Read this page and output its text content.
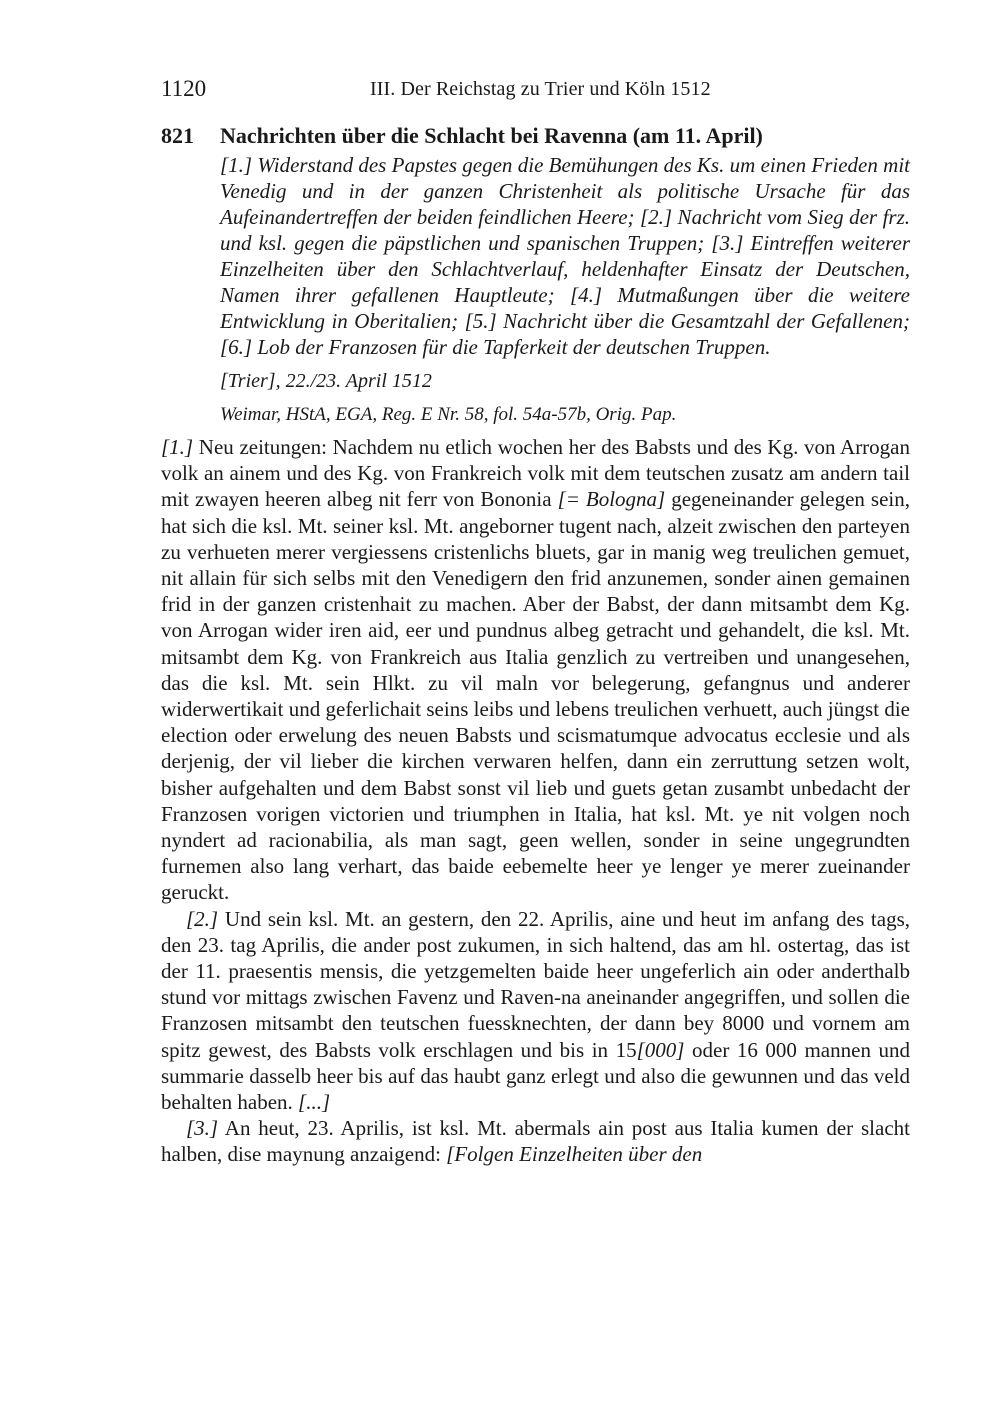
1120	III. Der Reichstag zu Trier und Köln 1512
821	Nachrichten über die Schlacht bei Ravenna (am 11. April)
[1.] Widerstand des Papstes gegen die Bemühungen des Ks. um einen Frieden mit Venedig und in der ganzen Christenheit als politische Ursache für das Aufeinandertreffen der beiden feindlichen Heere; [2.] Nachricht vom Sieg der frz. und ksl. gegen die päpstlichen und spanischen Truppen; [3.] Eintreffen weiterer Einzelheiten über den Schlachtverlauf, heldenhafter Einsatz der Deutschen, Namen ihrer gefallenen Hauptleute; [4.] Mutmaßungen über die weitere Entwicklung in Oberitalien; [5.] Nachricht über die Gesamtzahl der Gefallenen; [6.] Lob der Franzosen für die Tapferkeit der deutschen Truppen.
[Trier], 22./23. April 1512
Weimar, HStA, EGA, Reg. E Nr. 58, fol. 54a-57b, Orig. Pap.

[1.] Neu zeitungen: Nachdem nu etlich wochen her des Babsts und des Kg. von Arrogan volk an ainem und des Kg. von Frankreich volk mit dem teutschen zusatz am andern tail mit zwayen heeren albeg nit ferr von Bononia [= Bologna] gegeneinander gelegen sein, hat sich die ksl. Mt. seiner ksl. Mt. angeborner tugent nach, alzeit zwischen den parteyen zu verhueten merer vergiessens cristenlichs bluets, gar in manig weg treulichen gemuet, nit allain für sich selbs mit den Venedigern den frid anzunemen, sonder ainen gemainen frid in der ganzen cristenhait zu machen. Aber der Babst, der dann mitsambt dem Kg. von Arrogan wider iren aid, eer und pundnus albeg getracht und gehandelt, die ksl. Mt. mitsambt dem Kg. von Frankreich aus Italia genzlich zu vertreiben und unangesehen, das die ksl. Mt. sein Hlkt. zu vil maln vor belegerung, gefangnus und anderer widerwertikait und geferlichait seins leibs und lebens treulichen verhuett, auch jüngst die election oder erwelung des neuen Babsts und scismatumque advocatus ecclesie und als derjenig, der vil lieber die kirchen verwaren helfen, dann ein zerruttung setzen wolt, bisher aufgehalten und dem Babst sonst vil lieb und guets getan zusambt unbedacht der Franzosen vorigen victorien und triumphen in Italia, hat ksl. Mt. ye nit volgen noch nyndert ad racionabilia, als man sagt, geen wellen, sonder in seine ungegrundten furnemen also lang verhart, das baide eebemelte heer ye lenger ye merer zueinander geruckt.

[2.] Und sein ksl. Mt. an gestern, den 22. Aprilis, aine und heut im anfang des tags, den 23. tag Aprilis, die ander post zukumen, in sich haltend, das am hl. ostertag, das ist der 11. praesentis mensis, die yetzgemelten baide heer ungeferlich ain oder anderthalb stund vor mittags zwischen Favenz und Raven-na aneinander angegriffen, und sollen die Franzosen mitsambt den teutschen fuessknechten, der dann bey 8000 und vornem am spitz gewest, des Babsts volk erschlagen und bis in 15[000] oder 16 000 mannen und summarie dasselb heer bis auf das haubt ganz erlegt und also die gewunnen und das veld behalten haben. [...]

[3.] An heut, 23. Aprilis, ist ksl. Mt. abermals ain post aus Italia kumen der slacht halben, dise maynung anzaigend: [Folgen Einzelheiten über den
